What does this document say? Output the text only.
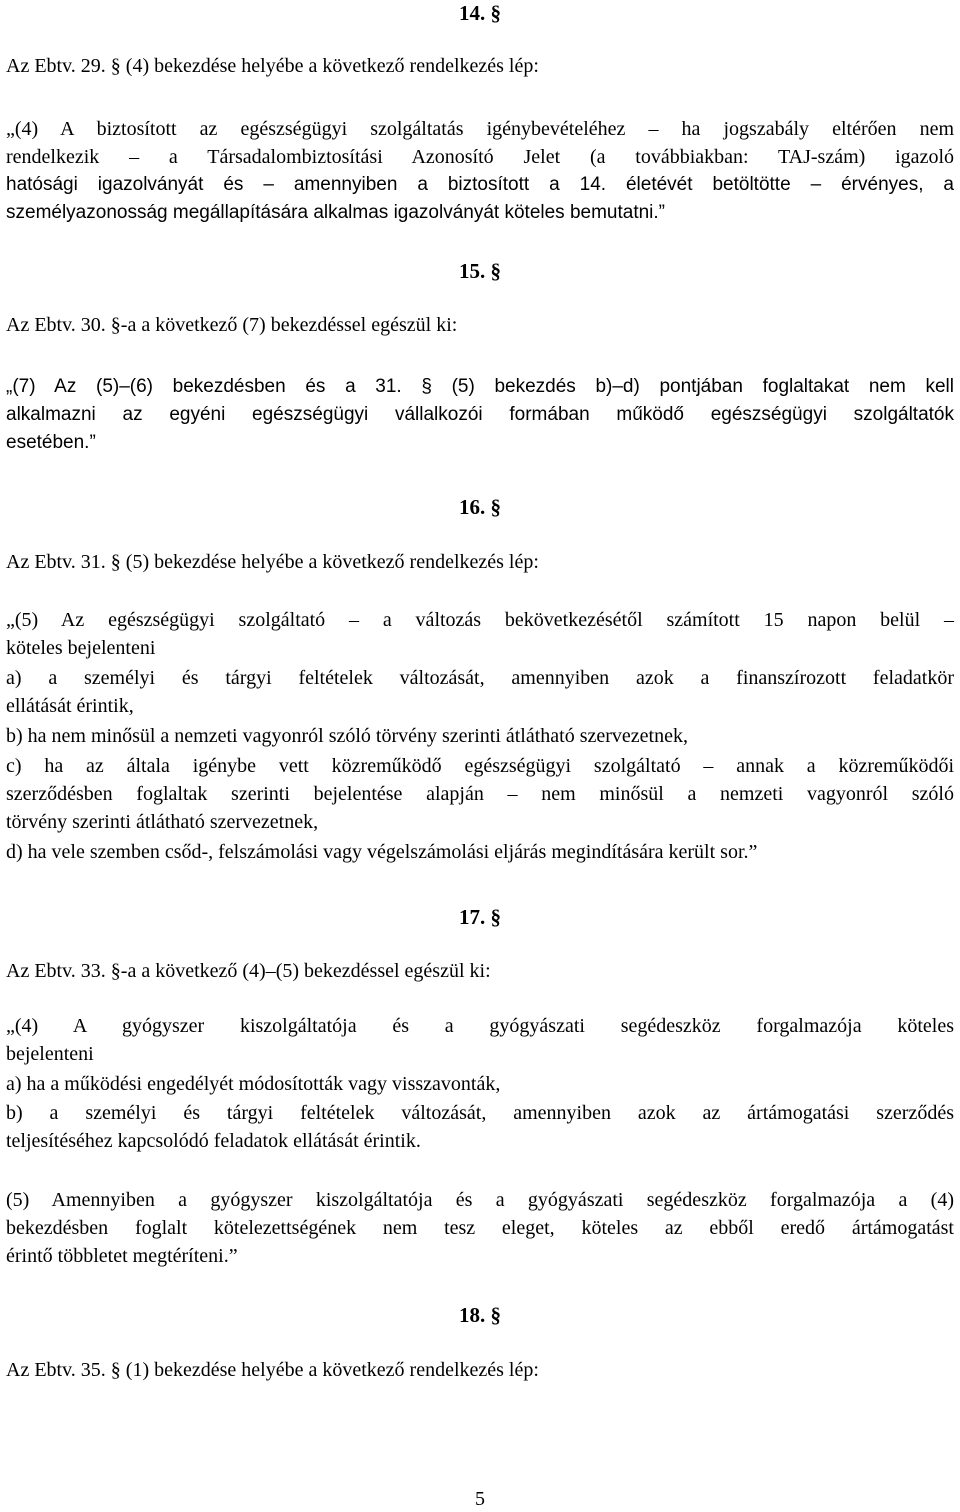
14. §
Az Ebtv. 29. § (4) bekezdése helyébe a következő rendelkezés lép:
„(4) A biztosított az egészségügyi szolgáltatás igénybevételéhez – ha jogszabály eltérően nem
rendelkezik – a Társadalombiztosítási Azonosító Jelet (a továbbiakban: TAJ-szám) igazoló
hatósági igazolványát és – amennyiben a biztosított a 14. életévét betöltötte – érvényes, a
személyazonosság megállapítására alkalmas igazolványát köteles bemutatni.”
15. §
Az Ebtv. 30. §-a a következő (7) bekezdéssel egészül ki:
„(7) Az (5)–(6) bekezdésben és a 31. § (5) bekezdés b)–d) pontjában foglaltakat nem kell
alkalmazni az egyéni egészségügyi vállalkozói formában működő egészségügyi szolgáltatók
esetében.”
16. §
Az Ebtv. 31. § (5) bekezdése helyébe a következő rendelkezés lép:
„(5) Az egészségügyi szolgáltató – a változás bekövetkezésétől számított 15 napon belül –
köteles bejelenteni
a) a személyi és tárgyi feltételek változását, amennyiben azok a finanszírozott feladatkör
ellátását érintik,
b) ha nem minősül a nemzeti vagyonról szóló törvény szerinti átlátható szervezetnek,
c) ha az általa igénybe vett közreműködő egészségügyi szolgáltató – annak a közreműködői
szerződésben foglaltak szerinti bejelentése alapján – nem minősül a nemzeti vagyonról szóló
törvény szerinti átlátható szervezetnek,
d) ha vele szemben csőd-, felszámolási vagy végelszámolási eljárás megindítására került sor.”
17. §
Az Ebtv. 33. §-a a következő (4)–(5) bekezdéssel egészül ki:
„(4) A gyógyszer kiszolgáltatója és a gyógyászati segédeszköz forgalmazója köteles
bejelenteni
a) ha a működési engedélyét módosították vagy visszavonták,
b) a személyi és tárgyi feltételek változását, amennyiben azok az ártámogatási szerződés
teljesítéséhez kapcsolódó feladatok ellátását érintik.
(5) Amennyiben a gyógyszer kiszolgáltatója és a gyógyászati segédeszköz forgalmazója a (4)
bekezdésben foglalt kötelezettségének nem tesz eleget, köteles az ebből eredő ártámogatást
érintő többletet megtéríteni.”
18. §
Az Ebtv. 35. § (1) bekezdése helyébe a következő rendelkezés lép:
5
